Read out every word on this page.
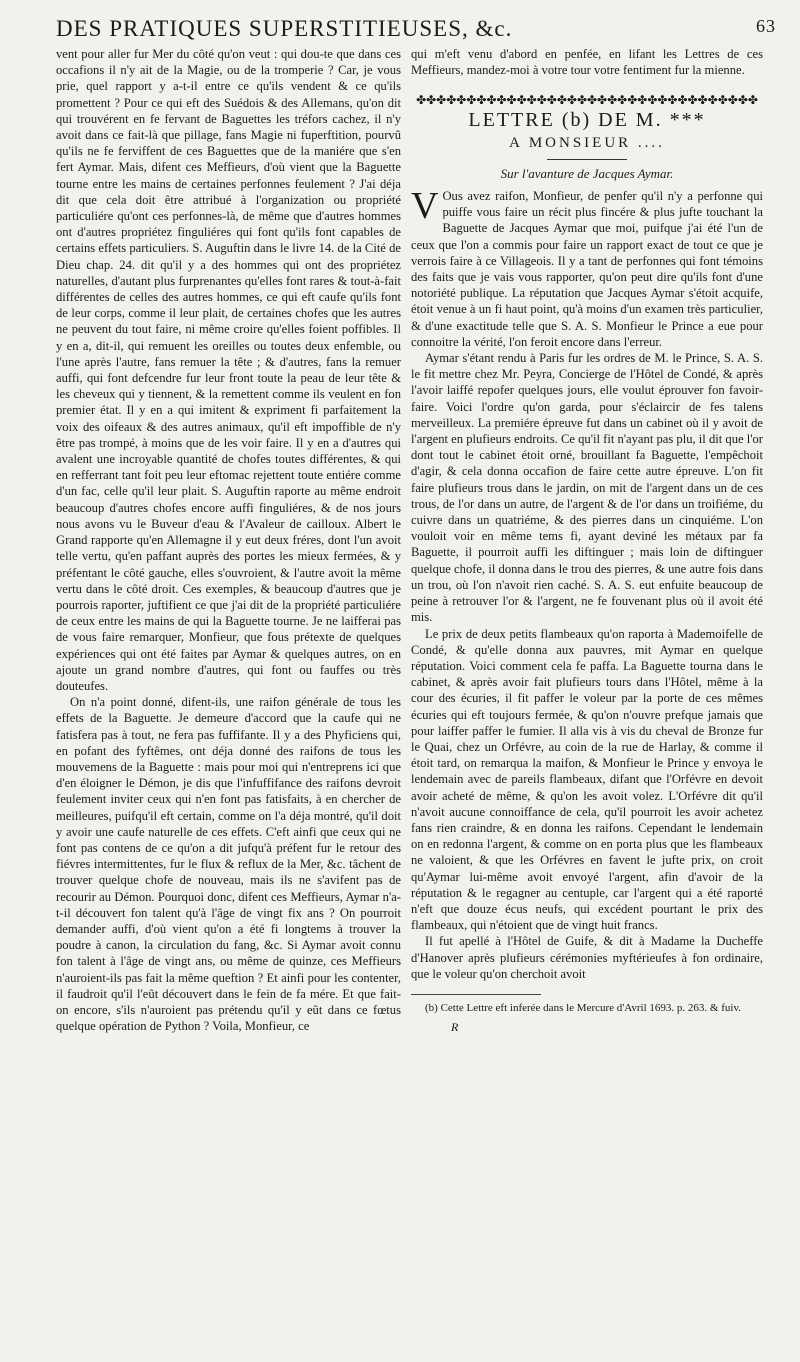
DES PRATIQUES SUPERSTITIEUSES, &c.	63

vent pour aller fur Mer du côté qu'on veut : qui dou-te que dans ces occafions il n'y ait de la Magie, ou de la tromperie ? Car, je vous prie, quel rapport y a-t-il entre ce qu'ils vendent & ce qu'ils promettent ? Pour ce qui eft des Suédois & des Allemans, qu'on dit qui trouvérent en fe fervant de Baguettes les tréfors cachez, il n'y avoit dans ce fait-là que pillage, fans Magie ni fuperftition, pourvû qu'ils ne fe ferviffent de ces Baguettes que de la maniére que s'en fert Aymar. Mais, difent ces Meffieurs, d'où vient que la Baguette tourne entre les mains de certaines perfonnes feulement ? J'ai déja dit que cela doit être attribué à l'organization ou propriété particuliére qu'ont ces perfonnes-là, de même que d'autres hommes ont d'autres propriétez finguliéres qui font qu'ils font capables de certains effets particuliers. S. Auguftin dans le livre 14. de la Cité de Dieu chap. 24. dit qu'il y a des hommes qui ont des propriétez naturelles, d'autant plus furprenantes qu'elles font rares & tout-à-fait différentes de celles des autres hommes, ce qui eft caufe qu'ils font de leur corps, comme il leur plait, de certaines chofes que les autres ne peuvent du tout faire, ni même croire qu'elles foient poffibles. Il y en a, dit-il, qui remuent les oreilles ou toutes deux enfemble, ou l'une après l'autre, fans remuer la tête ; & d'autres, fans la remuer auffi, qui font defcendre fur leur front toute la peau de leur tête & les cheveux qui y tiennent, & la remettent comme ils veulent en fon premier état. Il y en a qui imitent & expriment fi parfaitement la voix des oifeaux & des autres animaux, qu'il eft impoffible de n'y être pas trompé, à moins que de les voir faire. Il y en a d'autres qui avalent une incroyable quantité de chofes toutes différentes, & qui en refferrant tant foit peu leur eftomac rejettent toute entiére comme d'un fac, celle qu'il leur plait. S. Auguftin raporte au même endroit beaucoup d'autres chofes encore auffi finguliéres, & de nos jours nous avons vu le Buveur d'eau & l'Avaleur de cailloux. Albert le Grand rapporte qu'en Allemagne il y eut deux fréres, dont l'un avoit telle vertu, qu'en paffant auprès des portes les mieux fermées, & y préfentant le côté gauche, elles s'ouvroient, & l'autre avoit la même vertu dans le côté droit. Ces exemples, & beaucoup d'autres que je pourrois raporter, juftifient ce que j'ai dit de la propriété particuliére de ceux entre les mains de qui la Baguette tourne. Je ne laifferai pas de vous faire remarquer, Monfieur, que fous prétexte de quelques expériences qui ont été faites par Aymar & quelques autres, on en ajoute un grand nombre d'autres, qui font ou fauffes ou très douteufes.

On n'a point donné, difent-ils, une raifon générale de tous les effets de la Baguette. Je demeure d'accord que la caufe qui ne fatisfera pas à tout, ne fera pas fuffifante. Il y a des Phyficiens qui, en pofant des fyftêmes, ont déja donné des raifons de tous les mouvemens de la Baguette : mais pour moi qui n'entreprens ici que d'en éloigner le Démon, je dis que l'infuffifance des raifons devroit feulement inviter ceux qui n'en font pas fatisfaits, à en chercher de meilleures, puifqu'il eft certain, comme on l'a déja montré, qu'il doit y avoir une caufe naturelle de ces effets. C'eft ainfi que ceux qui ne font pas contens de ce qu'on a dit jufqu'à préfent fur le retour des fiévres intermittentes, fur le flux & reflux de la Mer, &c. tâchent de trouver quelque chofe de nouveau, mais ils ne s'avifent pas de recourir au Démon. Pourquoi donc, difent ces Meffieurs, Aymar n'a-t-il découvert fon talent qu'à l'âge de vingt fix ans ? On pourroit demander auffi, d'où vient qu'on a été fi longtems à trouver la poudre à canon, la circulation du fang, &c. Si Aymar avoit connu fon talent à l'âge de vingt ans, ou même de quinze, ces Meffieurs n'auroient-ils pas fait la même queftion ? Et ainfi pour les contenter, il faudroit qu'il l'eût découvert dans le fein de fa mére. Et que fait-on encore, s'ils n'auroient pas prétendu qu'il y eût dans ce fœtus quelque opération de Python ? Voila, Monfieur, ce

qui m'eft venu d'abord en penfée, en lifant les Lettres de ces Meffieurs, mandez-moi à votre tour votre fentiment fur la mienne.

✤✤✤✤✤✤✤✤✤✤✤✤✤✤✤✤✤✤✤✤✤✤✤✤✤✤✤✤✤✤✤✤✤✤
LETTRE (b) DE M. ***
A MONSIEUR ....
Sur l'avanture de Jacques Aymar.

V Ous avez raifon, Monfieur, de penfer qu'il n'y a perfonne qui puiffe vous faire un récit plus fincére & plus jufte touchant la Baguette de Jacques Aymar que moi, puifque j'ai été l'un de ceux que l'on a commis pour faire un rapport exact de tout ce que je verrois faire à ce Villageois. Il y a tant de perfonnes qui font témoins des faits que je vais vous rapporter, qu'on peut dire qu'ils font d'une notoriété publique. La réputation que Jacques Aymar s'étoit acquife, étoit venue à un fi haut point, qu'à moins d'un examen très particulier, & d'une exactitude telle que S. A. S. Monfieur le Prince a eue pour connoitre la vérité, l'on feroit encore dans l'erreur.

Aymar s'étant rendu à Paris fur les ordres de M. le Prince, S. A. S. le fit mettre chez Mr. Peyra, Concierge de l'Hôtel de Condé, & après l'avoir laiffé repofer quelques jours, elle voulut éprouver fon favoir-faire. Voici l'ordre qu'on garda, pour s'éclaircir de fes talens merveilleux. La premiére épreuve fut dans un cabinet où il y avoit de l'argent en plufieurs endroits. Ce qu'il fit n'ayant pas plu, il dit que l'or dont tout le cabinet étoit orné, brouillant fa Baguette, l'empêchoit d'agir, & cela donna occafion de faire cette autre épreuve. L'on fit faire plufieurs trous dans le jardin, on mit de l'argent dans un de ces trous, de l'or dans un autre, de l'argent & de l'or dans un troifiéme, du cuivre dans un quatriéme, & des pierres dans un cinquiéme. L'on vouloit voir en même tems fi, ayant deviné les métaux par fa Baguette, il pourroit auffi les diftinguer ; mais loin de diftinguer quelque chofe, il donna dans le trou des pierres, & une autre fois dans un trou, où l'on n'avoit rien caché. S. A. S. eut enfuite beaucoup de peine à retrouver l'or & l'argent, ne fe fouvenant plus où il avoit été mis.

Le prix de deux petits flambeaux qu'on raporta à Mademoifelle de Condé, & qu'elle donna aux pauvres, mit Aymar en quelque réputation. Voici comment cela fe paffa. La Baguette tourna dans le cabinet, & après avoir fait plufieurs tours dans l'Hôtel, même à la cour des écuries, il fit paffer le voleur par la porte de ces mêmes écuries qui eft toujours fermée, & qu'on n'ouvre prefque jamais que pour laiffer paffer le fumier. Il alla vis à vis du cheval de Bronze fur le Quai, chez un Orfévre, au coin de la rue de Harlay, & comme il étoit tard, on remarqua la maifon, & Monfieur le Prince y envoya le lendemain avec de pareils flambeaux, difant que l'Orfévre en devoit avoir acheté de même, & qu'on les avoit volez. L'Orfévre dit qu'il n'avoit aucune connoiffance de cela, qu'il pourroit les avoir achetez fans rien craindre, & en donna les raifons. Cependant le lendemain on en redonna l'argent, & comme on en porta plus que les flambeaux ne valoient, & que les Orfévres en favent le jufte prix, on croit qu'Aymar lui-même avoit envoyé l'argent, afin d'avoir de la réputation & le regagner au centuple, car l'argent qui a été raporté n'eft que douze écus neufs, qui excédent pourtant le prix des flambeaux, qui n'étoient que de vingt huit francs.

Il fut apellé à l'Hôtel de Guife, & dit à Madame la Ducheffe d'Hanover après plufieurs cérémonies myftérieufes à fon ordinaire, que le voleur qu'on cherchoit avoit

(b) Cette Lettre eft inferée dans le Mercure d'Avril 1693. p. 263. & fuiv.

R
